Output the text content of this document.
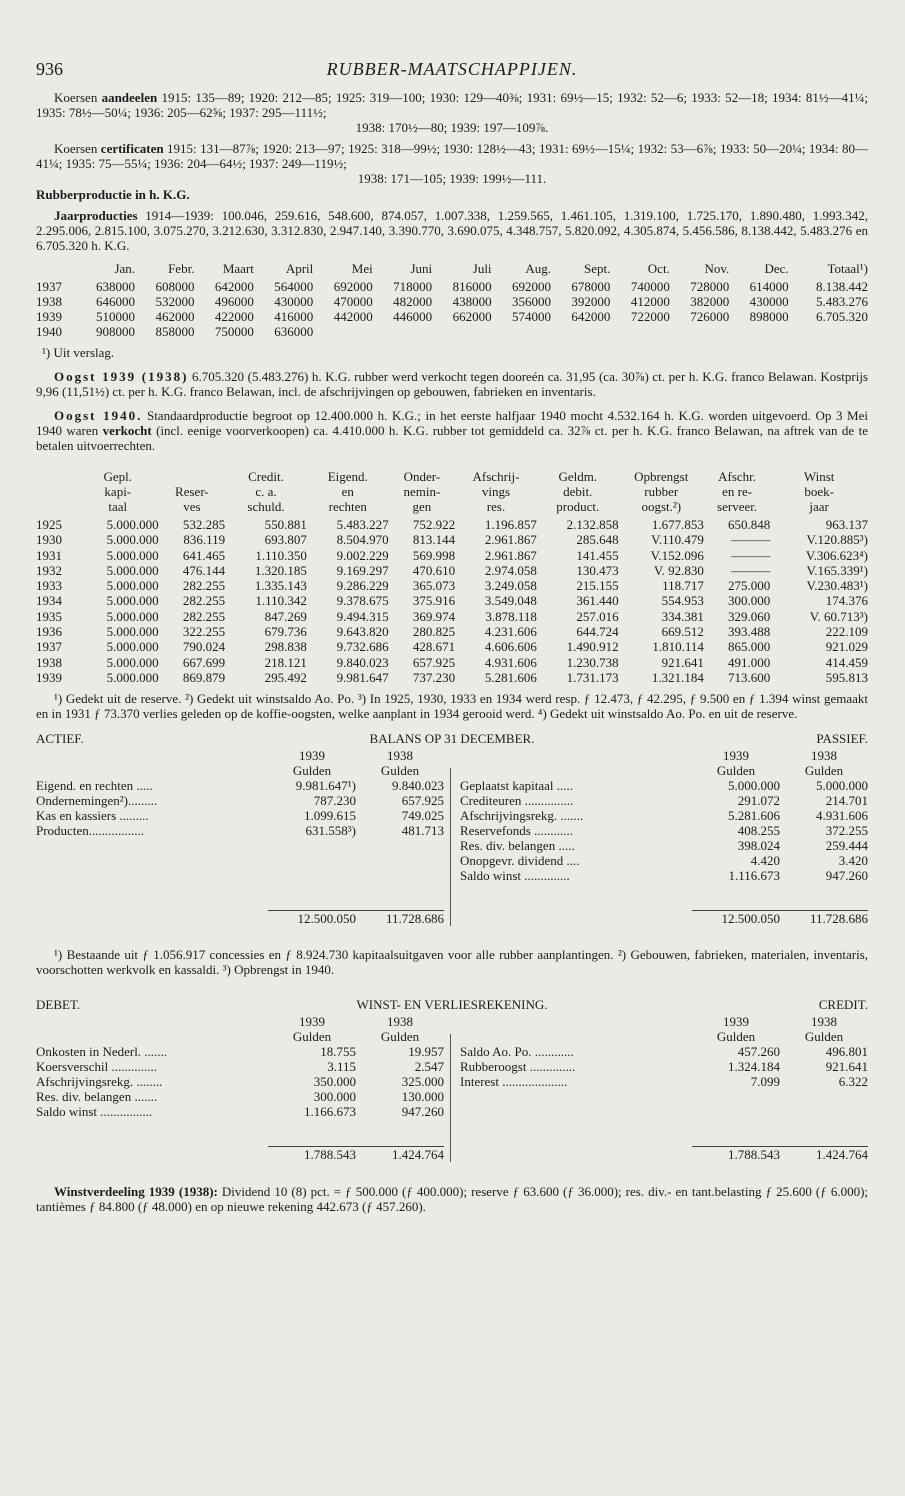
936	RUBBER-MAATSCHAPPIJEN.

Koersen aandeelen 1915: 135—89; 1920: 212—85; 1925: 319—100; 1930: 129—40⅜; 1931: 69½—15; 1932: 52—6; 1933: 52—18; 1934: 81½—41¼; 1935: 78½—50¼; 1936: 205—62⅝; 1937: 295—111½;

1938: 170½—80; 1939: 197—109⅞.

Koersen certificaten 1915: 131—87⅞; 1920: 213—97; 1925: 318—99½; 1930: 128½—43; 1931: 69½—15¼; 1932: 53—6⅞; 1933: 50—20¼; 1934: 80—41¼; 1935: 75—55¼; 1936: 204—64½; 1937: 249—119½;

1938: 171—105; 1939: 199½—111.

Rubberproductie in h. K.G.

Jaarproducties 1914—1939: 100.046, 259.616, 548.600, 874.057, 1.007.338, 1.259.565, 1.461.105, 1.319.100, 1.725.170, 1.890.480, 1.993.342, 2.295.006, 2.815.100, 3.075.270, 3.212.630, 3.312.830, 2.947.140, 3.390.770, 3.690.075, 4.348.757, 5.820.092, 4.305.874, 5.456.586, 8.138.442, 5.483.276 en 6.705.320 h. K.G.

	Jan.	Febr.	Maart	April	Mei	Juni	Juli	Aug.	Sept.	Oct.	Nov.	Dec.	Totaal¹)
1937	638000	608000	642000	564000	692000	718000	816000	692000	678000	740000	728000	614000	8.138.442
1938	646000	532000	496000	430000	470000	482000	438000	356000	392000	412000	382000	430000	5.483.276
1939	510000	462000	422000	416000	442000	446000	662000	574000	642000	722000	726000	898000	6.705.320
1940	908000	858000	750000	636000									

¹) Uit verslag.

Oogst 1939 (1938) 6.705.320 (5.483.276) h. K.G. rubber werd verkocht tegen dooreén ca. 31,95 (ca. 30⅞) ct. per h. K.G. franco Belawan. Kostprijs 9,96 (11,51½) ct. per h. K.G. franco Belawan, incl. de afschrijvingen op gebouwen, fabrieken en inventaris.

Oogst 1940. Standaardproductie begroot op 12.400.000 h. K.G.; in het eerste halfjaar 1940 mocht 4.532.164 h. K.G. worden uitgevoerd. Op 3 Mei 1940 waren verkocht (incl. eenige voorverkoopen) ca. 4.410.000 h. K.G. rubber tot gemiddeld ca. 32⅞ ct. per h. K.G. franco Belawan, na aftrek van de te betalen uitvoerrechten.

	Gepl.		Credit.	Eigend.	Onder-	Afschrij-	Geldm.	Opbrengst	Afschr.	Winst
	kapi-	Reser-	c. a.	en	nemin-	vings	debit.	rubber	en re-	boek-
	taal	ves	schuld.	rechten	gen	res.	product.	oogst.²)	serveer.	jaar
1925	5.000.000	532.285	550.881	5.483.227	752.922	1.196.857	2.132.858	1.677.853	650.848	963.137
1930	5.000.000	836.119	693.807	8.504.970	813.144	2.961.867	285.648	V.110.479	———	V.120.885³)
1931	5.000.000	641.465	1.110.350	9.002.229	569.998	2.961.867	141.455	V.152.096	———	V.306.623⁴)
1932	5.000.000	476.144	1.320.185	9.169.297	470.610	2.974.058	130.473	V. 92.830	———	V.165.339¹)
1933	5.000.000	282.255	1.335.143	9.286.229	365.073	3.249.058	215.155	118.717	275.000	V.230.483¹)
1934	5.000.000	282.255	1.110.342	9.378.675	375.916	3.549.048	361.440	554.953	300.000	174.376
1935	5.000.000	282.255	847.269	9.494.315	369.974	3.878.118	257.016	334.381	329.060	V. 60.713³)
1936	5.000.000	322.255	679.736	9.643.820	280.825	4.231.606	644.724	669.512	393.488	222.109
1937	5.000.000	790.024	298.838	9.732.686	428.671	4.606.606	1.490.912	1.810.114	865.000	921.029
1938	5.000.000	667.699	218.121	9.840.023	657.925	4.931.606	1.230.738	921.641	491.000	414.459
1939	5.000.000	869.879	295.492	9.981.647	737.230	5.281.606	1.731.173	1.321.184	713.600	595.813

¹) Gedekt uit de reserve. ²) Gedekt uit winstsaldo Ao. Po. ³) In 1925, 1930, 1933 en 1934 werd resp. ƒ 12.473, ƒ 42.295, ƒ 9.500 en ƒ 1.394 winst gemaakt en in 1931 ƒ 73.370 verlies geleden op de koffie-oogsten, welke aanplant in 1934 gerooid werd. ⁴) Gedekt uit winstsaldo Ao. Po. en uit de reserve.

ACTIEF.	BALANS OP 31 DECEMBER.	PASSIEF.
	1939	1938
	Gulden	Gulden
Eigend. en rechten .....	9.981.647¹)	9.840.023
Ondernemingen²).........	787.230	657.925
Kas en kassiers .........	1.099.615	749.025
Producten.................	631.558³)	481.713

	12.500.050	11.728.686
	1939	1938
	Gulden	Gulden
Geplaatst kapitaal .....	5.000.000	5.000.000
Crediteuren ...............	291.072	214.701
Afschrijvingsrekg. .......	5.281.606	4.931.606
Reservefonds ............	408.255	372.255
Res. div. belangen .....	398.024	259.444
Onopgevr. dividend ....	4.420	3.420
Saldo winst ..............	1.116.673	947.260

	12.500.050	11.728.686

¹) Bestaande uit ƒ 1.056.917 concessies en ƒ 8.924.730 kapitaalsuitgaven voor alle rubber aanplantingen. ²) Gebouwen, fabrieken, materialen, inventaris, voorschotten werkvolk en kassaldi. ³) Opbrengst in 1940.

DEBET.	WINST- EN VERLIESREKENING.	CREDIT.
	1939	1938
	Gulden	Gulden
Onkosten in Nederl. .......	18.755	19.957
Koersverschil ..............	3.115	2.547
Afschrijvingsrekg. ........	350.000	325.000
Res. div. belangen .......	300.000	130.000
Saldo winst ................	1.166.673	947.260

	1.788.543	1.424.764
	1939	1938
	Gulden	Gulden
Saldo Ao. Po. ............	457.260	496.801
Rubberoogst ..............	1.324.184	921.641
Interest ....................	7.099	6.322

	1.788.543	1.424.764

Winstverdeeling 1939 (1938): Dividend 10 (8) pct. = ƒ 500.000 (ƒ 400.000); reserve ƒ 63.600 (ƒ 36.000); res. div.- en tant.belasting ƒ 25.600 (ƒ 6.000); tantièmes ƒ 84.800 (ƒ 48.000) en op nieuwe rekening 442.673 (ƒ 457.260).
